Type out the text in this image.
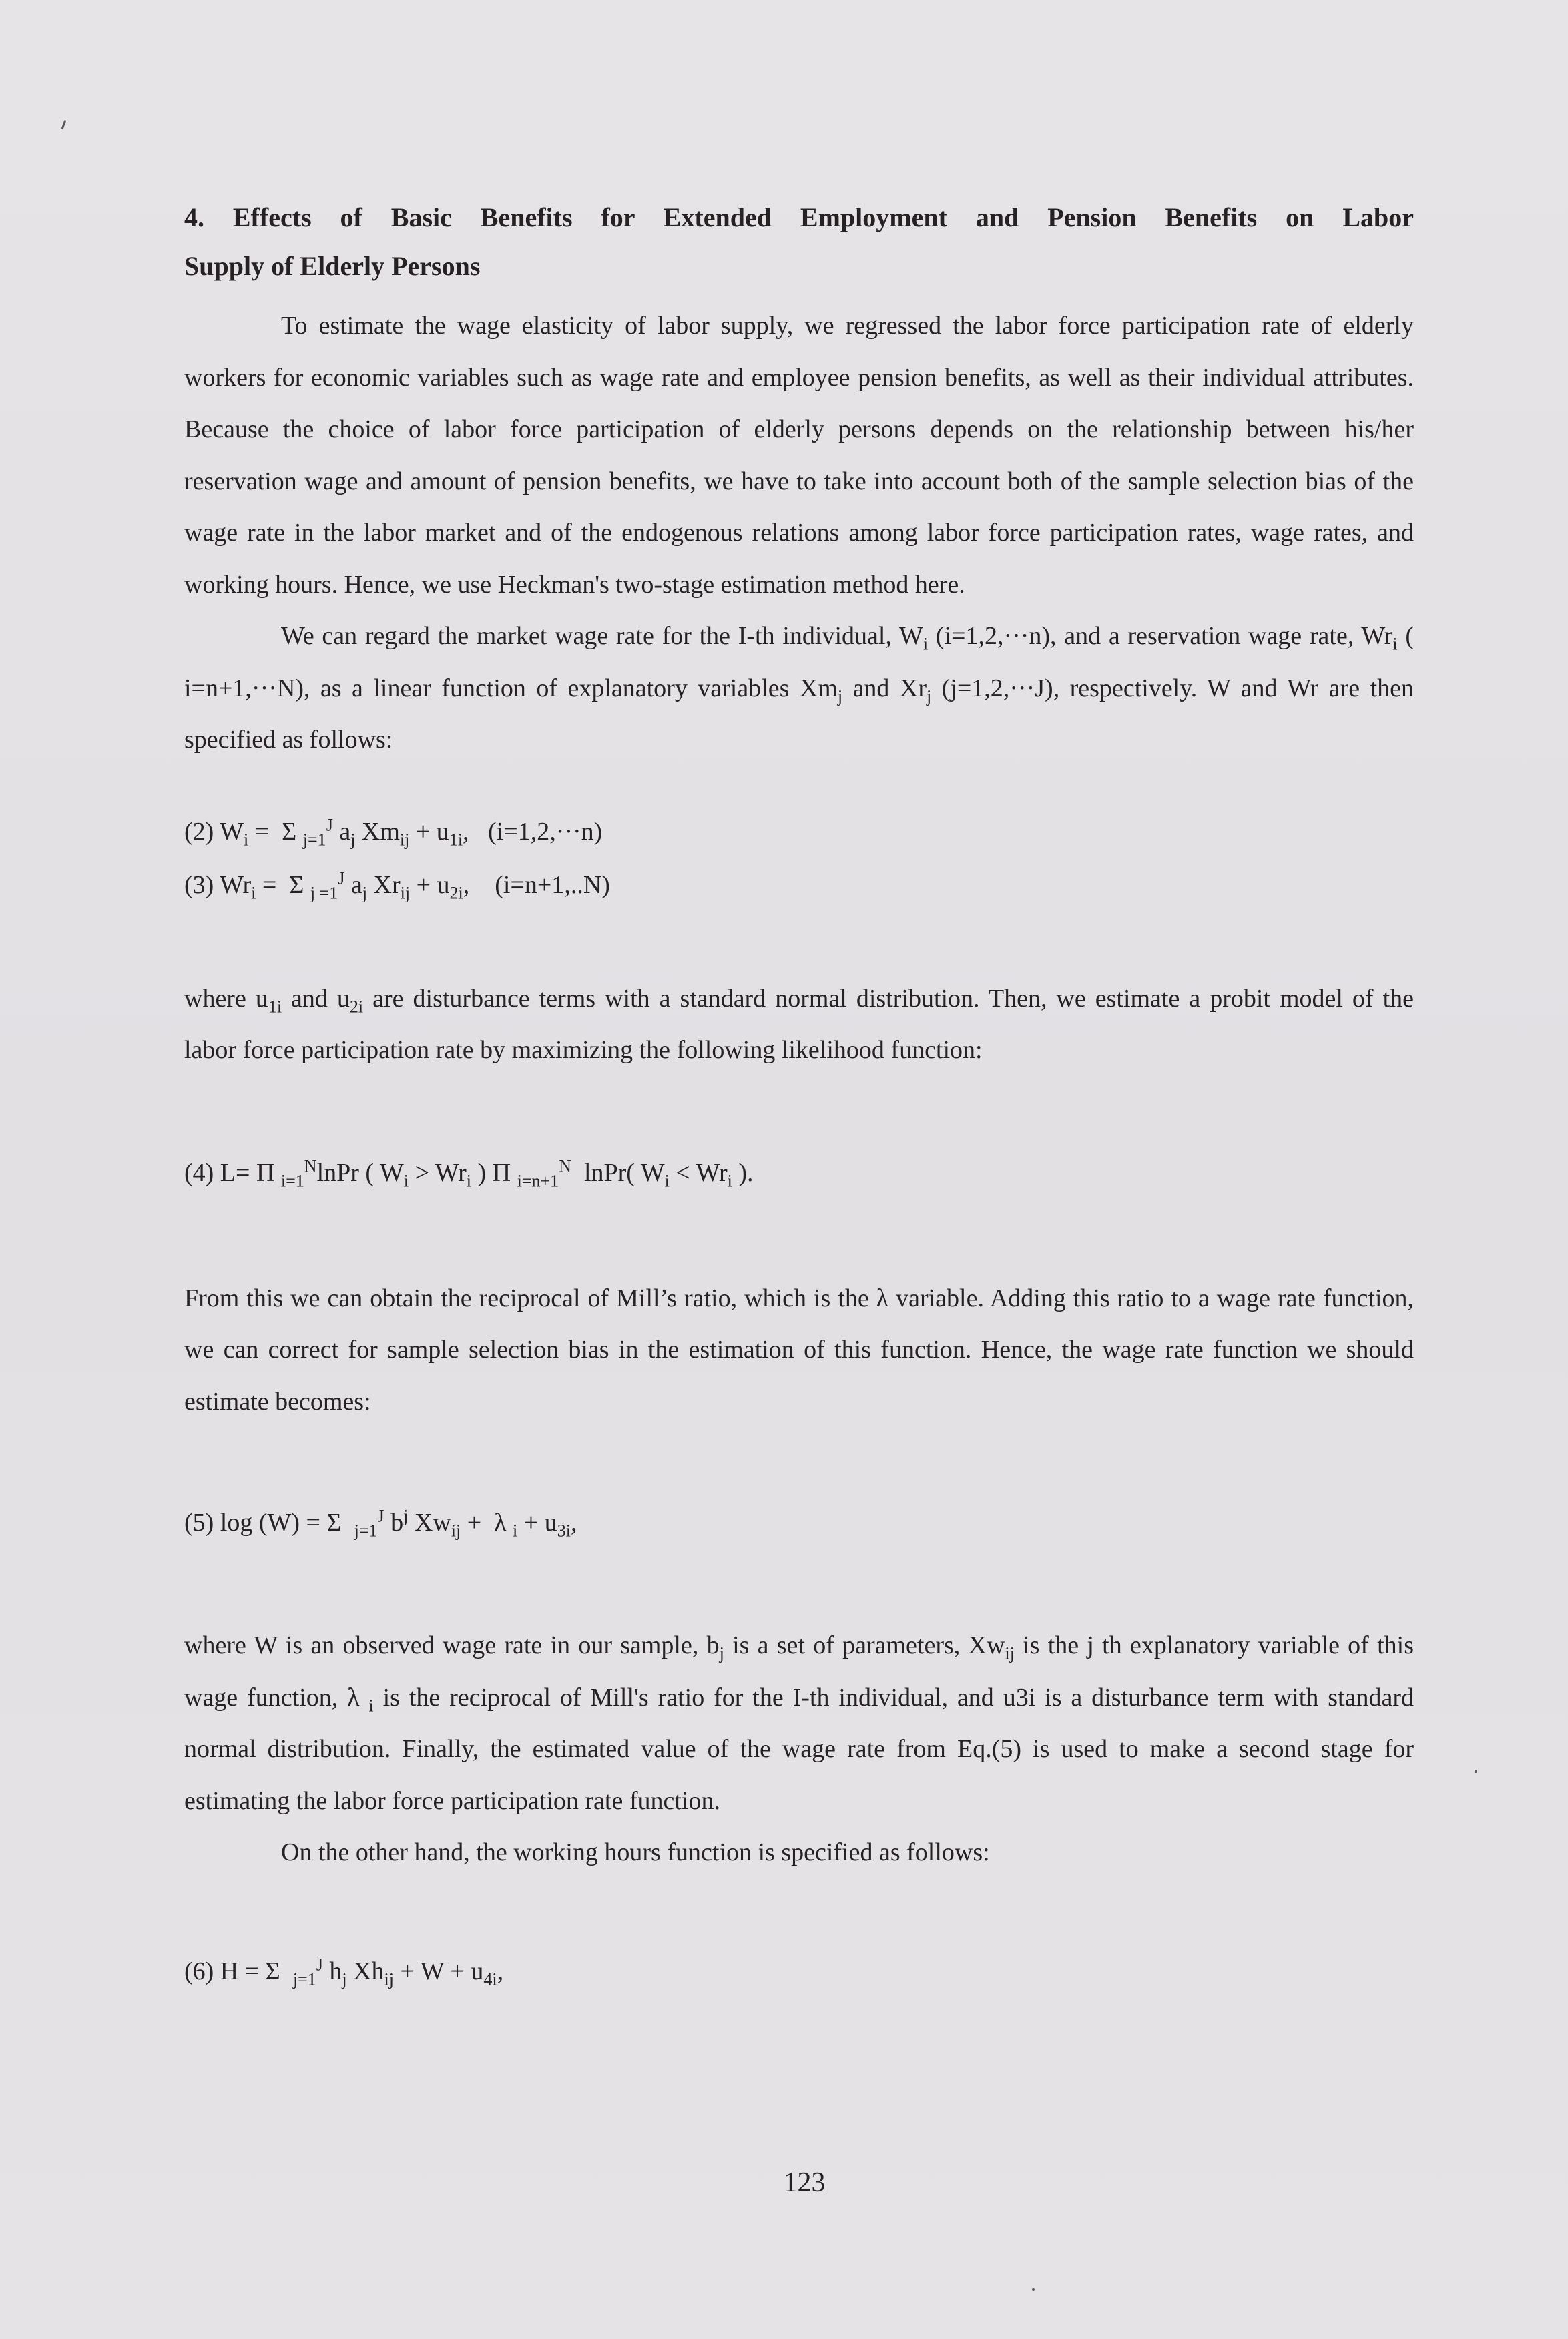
4. Effects of Basic Benefits for Extended Employment and Pension Benefits on Labor
Supply of Elderly Persons

To estimate the wage elasticity of labor supply, we regressed the labor force participation rate of elderly workers for economic variables such as wage rate and employee pension benefits, as well as their individual attributes. Because the choice of labor force participation of elderly persons depends on the relationship between his/her reservation wage and amount of pension benefits, we have to take into account both of the sample selection bias of the wage rate in the labor market and of the endogenous relations among labor force participation rates, wage rates, and working hours. Hence, we use Heckman's two-stage estimation method here.

We can regard the market wage rate for the I-th individual, $W_i$ (i=1,2,···n), and a reservation wage rate, $Wr_i$ ( i=n+1,···N), as a linear function of explanatory variables $Xm_j$ and $Xr_j$ (j=1,2,···J), respectively. W and Wr are then specified as follows:

(2) $W_i = \Sigma$ $_{j=1}^J$ $a_j$ $Xm_{ij} + u_{1i}$,   (i=1,2,···n)
(3) $Wr_i = \Sigma$ $_{j =1}^J$ $a_j$ $Xr_{ij} + u_{2i}$,    (i=n+1,..N)

where $u_{1i}$ and $u_{2i}$ are disturbance terms with a standard normal distribution. Then, we estimate a probit model of the labor force participation rate by maximizing the following likelihood function:

(4) L= Π $_{i=1}^N$lnPr ( $W_i > Wr_i$ ) Π $_{i=n+1}^N$  lnPr( $W_i < Wr_i$ ).

From this we can obtain the reciprocal of Mill’s ratio, which is the λ variable. Adding this ratio to a wage rate function, we can correct for sample selection bias in the estimation of this function. Hence, the wage rate function we should estimate becomes:

(5) log (W) = Σ  $_{j=1}^J$ $b^j$ $Xw_{ij} + \lambda$ $_i + u_{3i}$,

where W is an observed wage rate in our sample, $b_j$ is a set of parameters, $Xw_{ij}$ is the j th explanatory variable of this wage function, λ $_i$ is the reciprocal of Mill's ratio for the I-th individual, and u3i is a disturbance term with standard normal distribution. Finally, the estimated value of the wage rate from Eq.(5) is used to make a second stage for estimating the labor force participation rate function.

On the other hand, the working hours function is specified as follows:

(6) H = Σ  $_{j=1}^J$ $h_j$ $Xh_{ij} + W + u_{4i}$,
123
